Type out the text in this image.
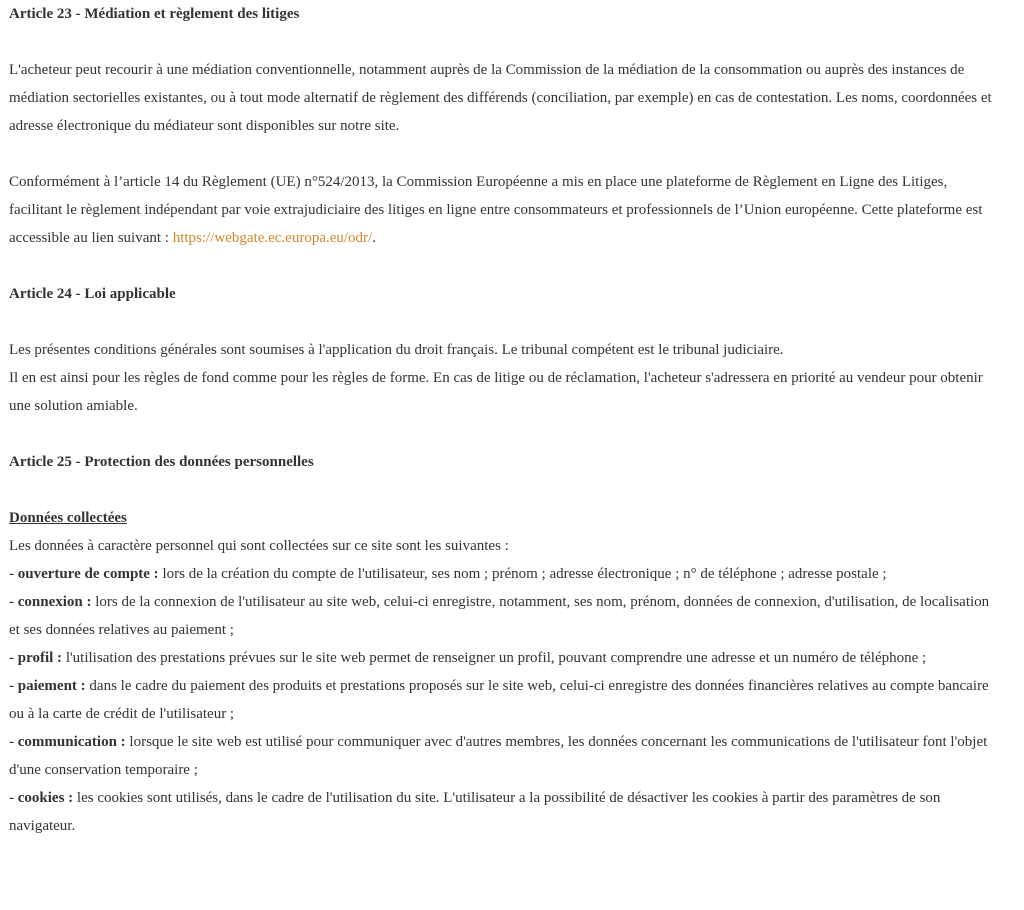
Article 23 - Médiation et règlement des litiges

L'acheteur peut recourir à une médiation conventionnelle, notamment auprès de la Commission de la médiation de la consommation ou auprès des instances de médiation sectorielles existantes, ou à tout mode alternatif de règlement des différends (conciliation, par exemple) en cas de contestation. Les noms, coordonnées et adresse électronique du médiateur sont disponibles sur notre site.

Conformément à l’article 14 du Règlement (UE) n°524/2013, la Commission Européenne a mis en place une plateforme de Règlement en Ligne des Litiges, facilitant le règlement indépendant par voie extrajudiciaire des litiges en ligne entre consommateurs et professionnels de l’Union européenne. Cette plateforme est accessible au lien suivant : https://webgate.ec.europa.eu/odr/.

Article 24 - Loi applicable

Les présentes conditions générales sont soumises à l'application du droit français. Le tribunal compétent est le tribunal judiciaire.

Il en est ainsi pour les règles de fond comme pour les règles de forme. En cas de litige ou de réclamation, l'acheteur s'adressera en priorité au vendeur pour obtenir une solution amiable.

Article 25 - Protection des données personnelles

Données collectées

Les données à caractère personnel qui sont collectées sur ce site sont les suivantes :

- ouverture de compte : lors de la création du compte de l'utilisateur, ses nom ; prénom ; adresse électronique ; n° de téléphone ; adresse postale ;

- connexion : lors de la connexion de l'utilisateur au site web, celui-ci enregistre, notamment, ses nom, prénom, données de connexion, d'utilisation, de localisation et ses données relatives au paiement ;

- profil : l'utilisation des prestations prévues sur le site web permet de renseigner un profil, pouvant comprendre une adresse et un numéro de téléphone ;

- paiement : dans le cadre du paiement des produits et prestations proposés sur le site web, celui-ci enregistre des données financières relatives au compte bancaire ou à la carte de crédit de l'utilisateur ;

- communication : lorsque le site web est utilisé pour communiquer avec d'autres membres, les données concernant les communications de l'utilisateur font l'objet d'une conservation temporaire ;

- cookies : les cookies sont utilisés, dans le cadre de l'utilisation du site. L'utilisateur a la possibilité de désactiver les cookies à partir des paramètres de son navigateur.
